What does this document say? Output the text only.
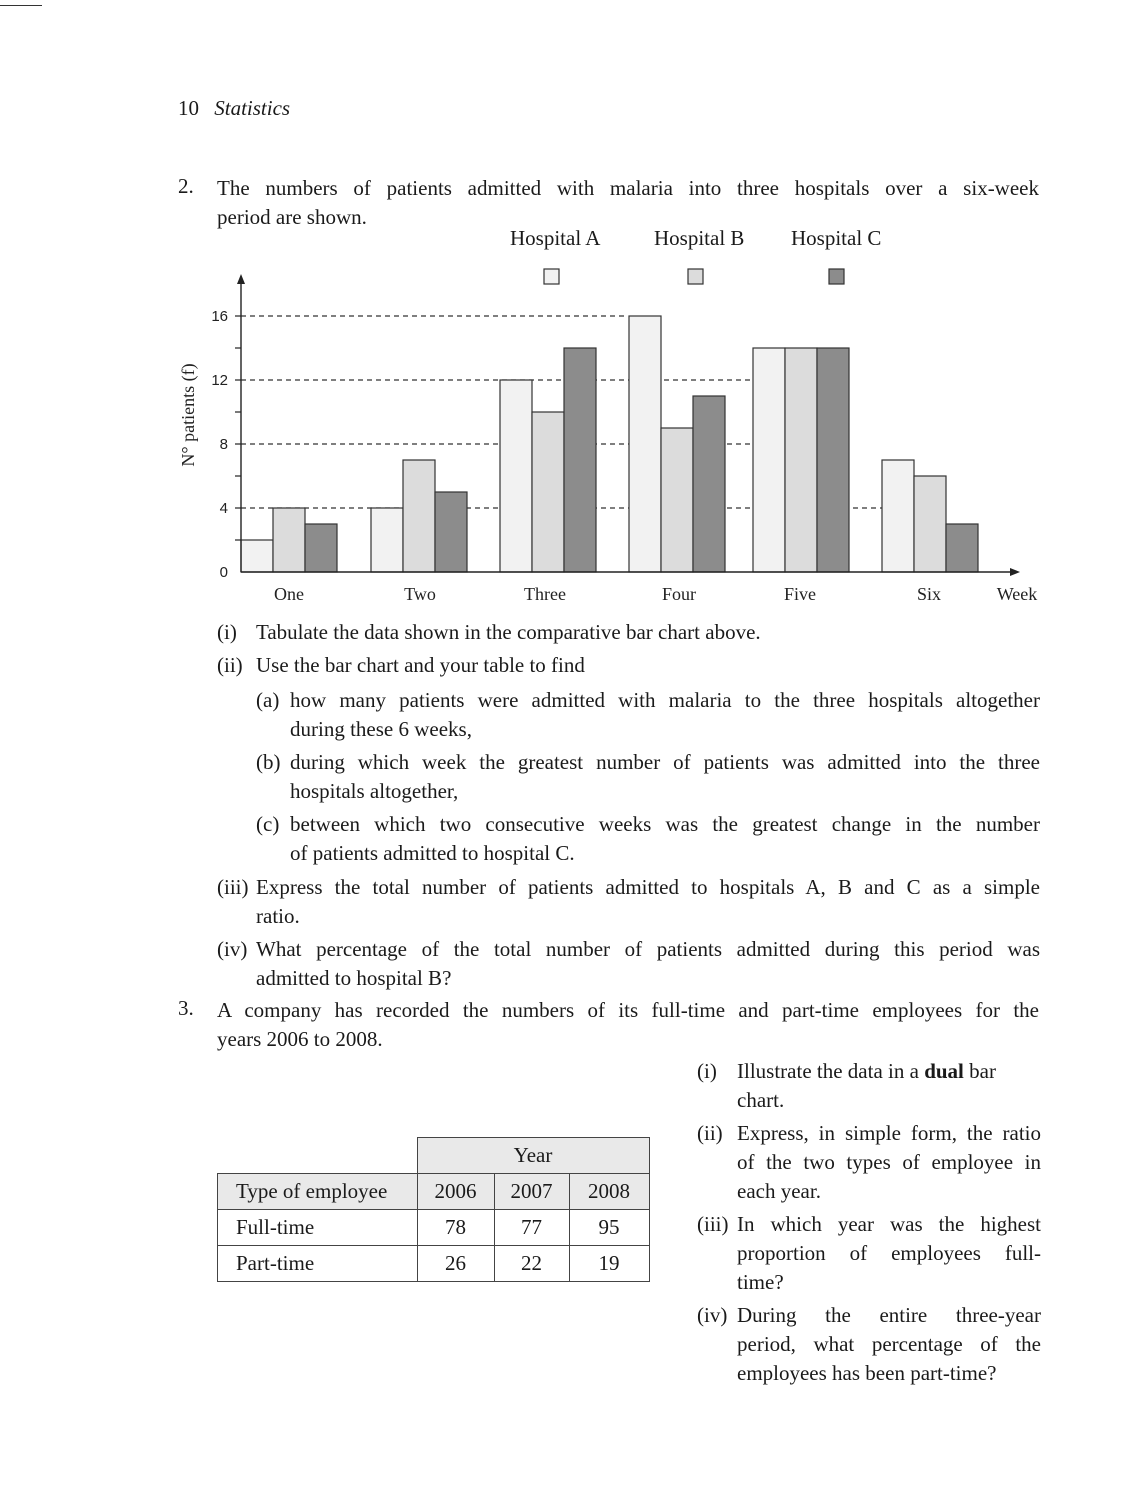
10 Statistics
2. The numbers of patients admitted with malaria into three hospitals over a six-week
period are shown.
Hospital A	Hospital B Hospital C
0
4
8
12
16
One	Two	Three	Four	Five	Six	Week
N° patients (f)
(i) Tabulate the data shown in the comparative bar chart above.
(ii) Use the bar chart and your table to find
(a) how many patients were admitted with malaria to the three hospitals altogether
during these 6 weeks,
(b) during which week the greatest number of patients was admitted into the three
hospitals altogether,
(c) between which two consecutive weeks was the greatest change in the number
of patients admitted to hospital C.
(iii) Express the total number of patients admitted to hospitals A, B and C as a simple
ratio.
(iv) What percentage of the total number of patients admitted during this period was
admitted to hospital B?
3. A company has recorded the numbers of its full-time and part-time employees for the
years 2006 to 2008.
	Year		
Type of employee	2006	2007	2008
Full-time	78	77	95
Part-time	26	22	19
(i) Illustrate the data in a dual bar
chart.
(ii) Express, in simple form, the ratio
of the two types of employee in
each year.
(iii) In which year was the highest
proportion of employees full-
time?
(iv) During the entire three-year
period, what percentage of the
employees has been part-time?
